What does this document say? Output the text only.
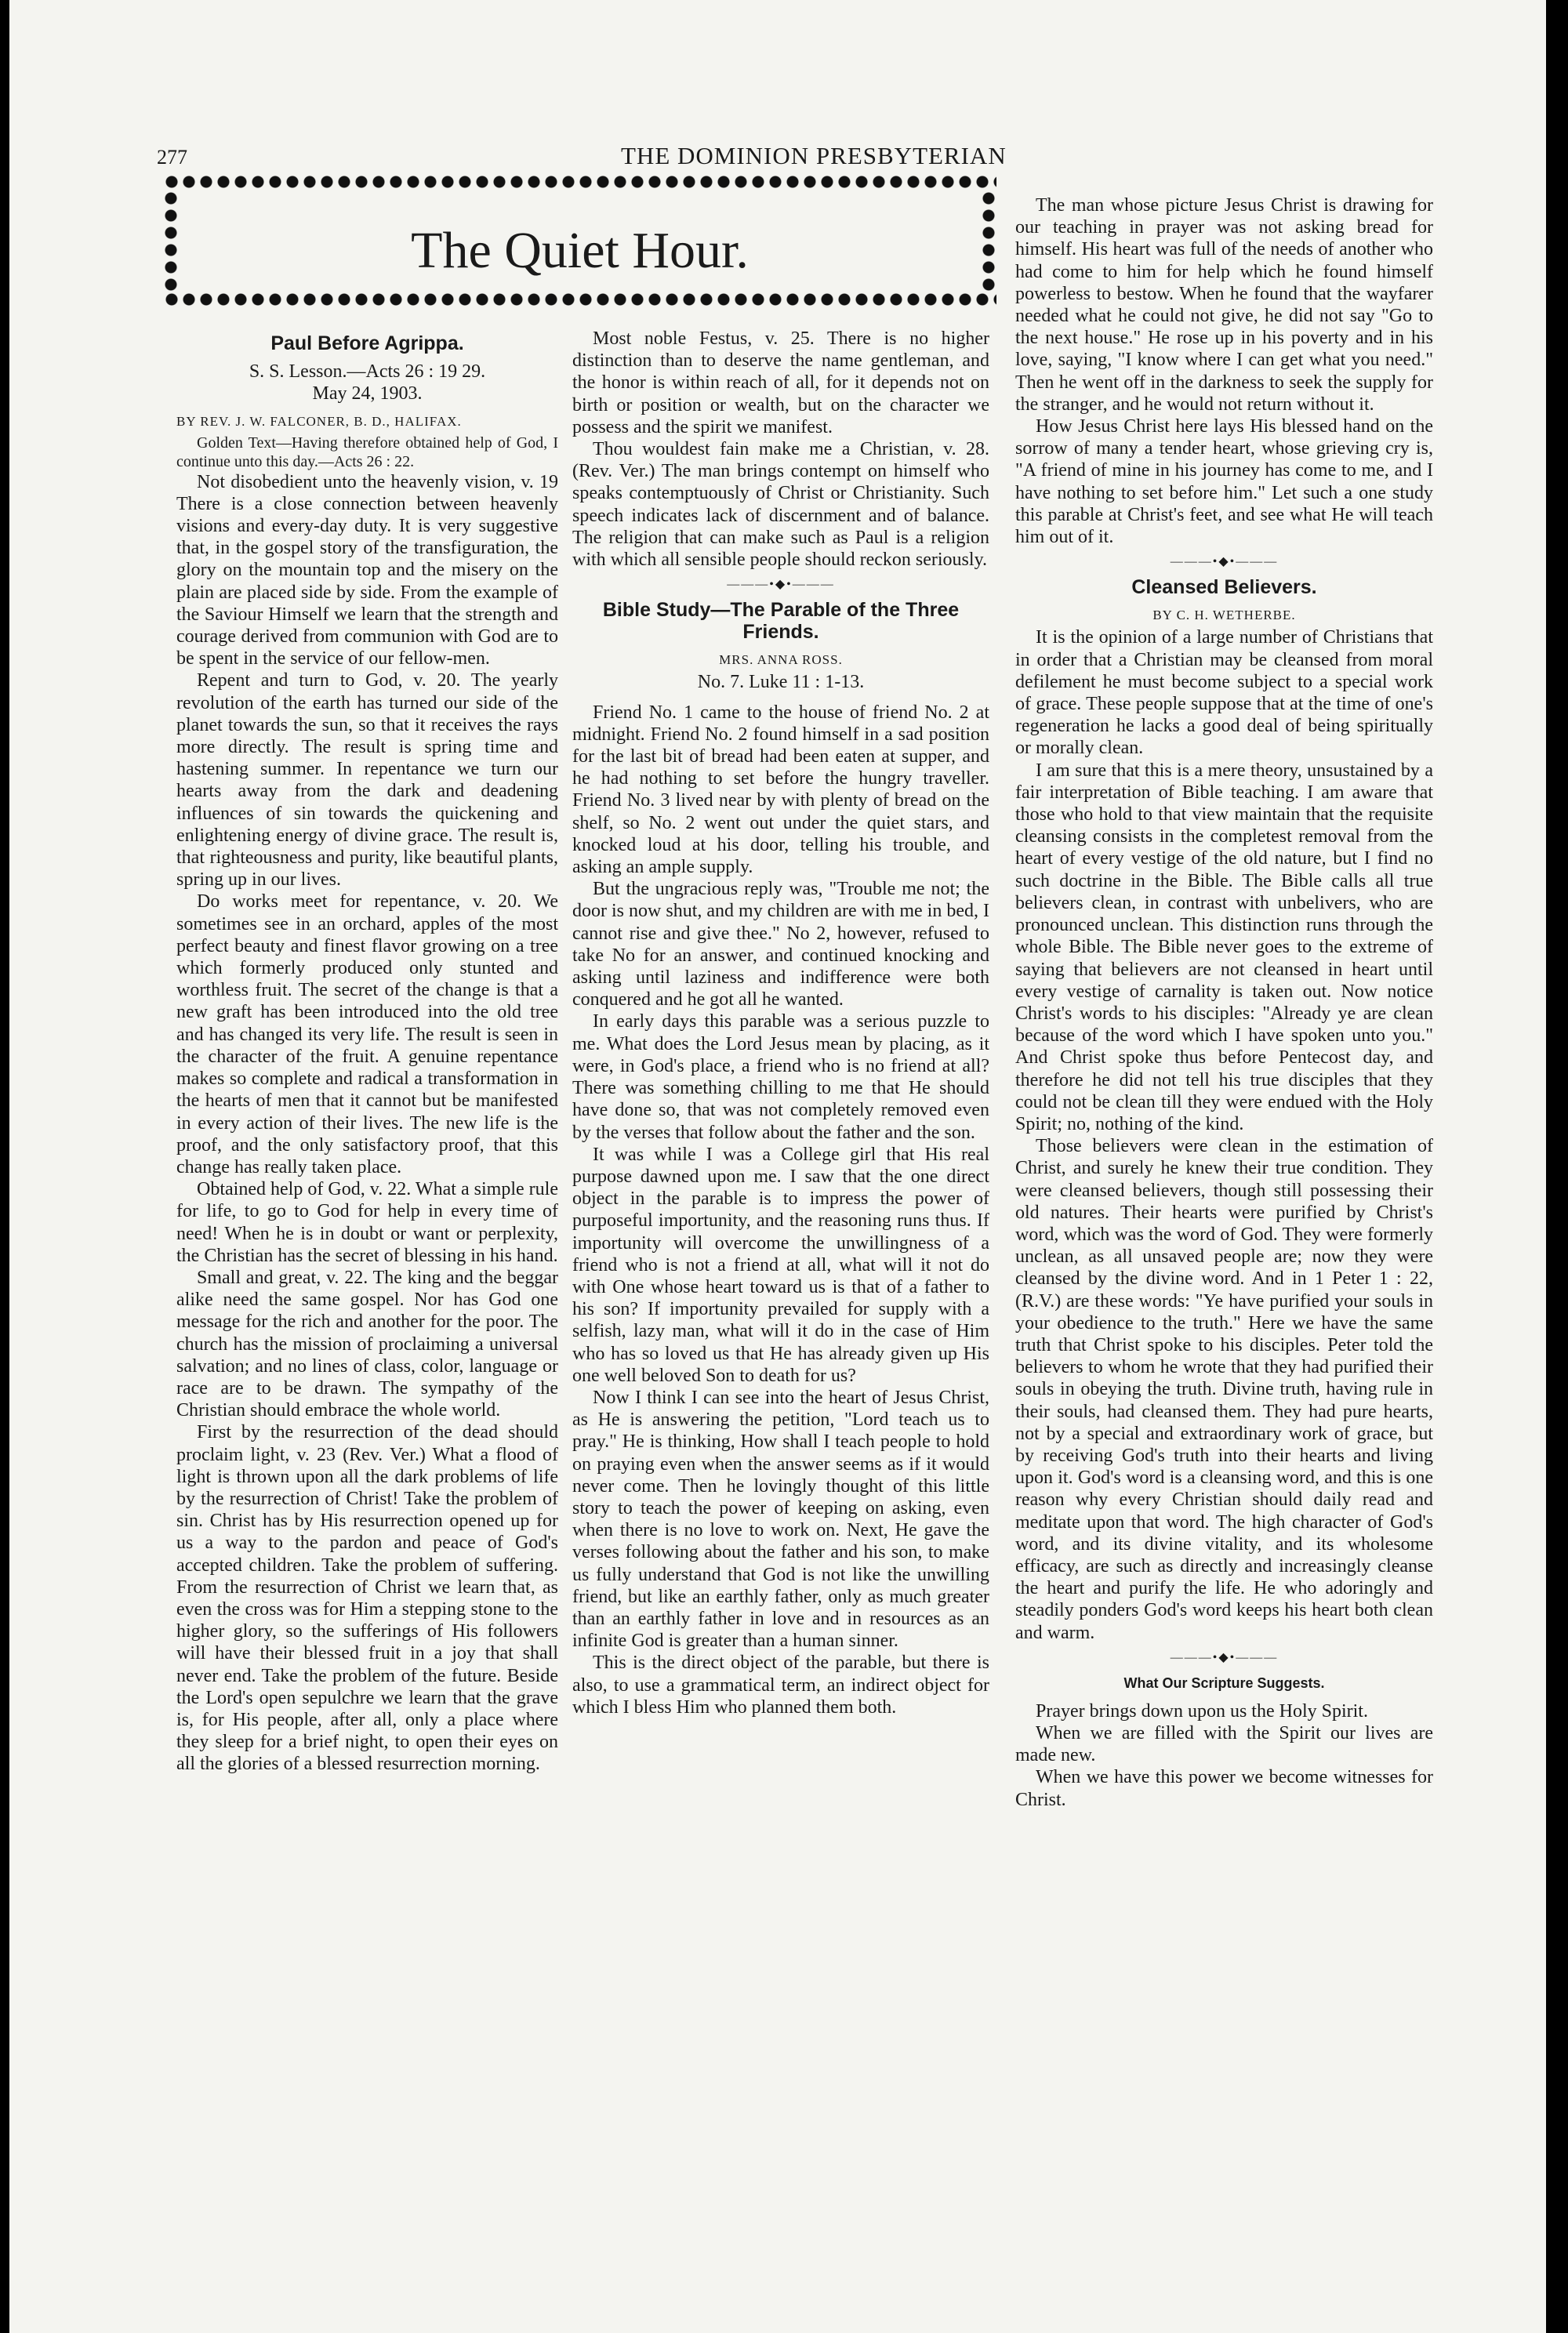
277	THE DOMINION PRESBYTERIAN
The Quiet Hour.
Paul Before Agrippa.

S. S. Lesson.—Acts 26 : 19 29.

May 24, 1903.

BY REV. J. W. FALCONER, B. D., HALIFAX.

Golden Text—Having therefore obtained help of God, I continue unto this day.—Acts 26 : 22.

Not disobedient unto the heavenly vision, v. 19 There is a close connection between heavenly visions and every-day duty. It is very suggestive that, in the gospel story of the transfiguration, the glory on the mountain top and the misery on the plain are placed side by side. From the example of the Saviour Himself we learn that the strength and courage derived from communion with God are to be spent in the service of our fellow-men.

Repent and turn to God, v. 20. The yearly revolution of the earth has turned our side of the planet towards the sun, so that it receives the rays more directly. The result is spring time and hastening summer. In repentance we turn our hearts away from the dark and deadening influences of sin towards the quickening and enlightening energy of divine grace. The result is, that righteousness and purity, like beautiful plants, spring up in our lives.

Do works meet for repentance, v. 20. We sometimes see in an orchard, apples of the most perfect beauty and finest flavor growing on a tree which formerly produced only stunted and worthless fruit. The secret of the change is that a new graft has been introduced into the old tree and has changed its very life. The result is seen in the character of the fruit. A genuine repentance makes so complete and radical a transformation in the hearts of men that it cannot but be manifested in every action of their lives. The new life is the proof, and the only satisfactory proof, that this change has really taken place.

Obtained help of God, v. 22. What a simple rule for life, to go to God for help in every time of need! When he is in doubt or want or perplexity, the Christian has the secret of blessing in his hand.

Small and great, v. 22. The king and the beggar alike need the same gospel. Nor has God one message for the rich and another for the poor. The church has the mission of proclaiming a universal salvation; and no lines of class, color, language or race are to be drawn. The sympathy of the Christian should embrace the whole world.

First by the resurrection of the dead should proclaim light, v. 23 (Rev. Ver.) What a flood of light is thrown upon all the dark problems of life by the resurrection of Christ! Take the problem of sin. Christ has by His resurrection opened up for us a way to the pardon and peace of God's accepted children. Take the problem of suffering. From the resurrection of Christ we learn that, as even the cross was for Him a stepping stone to the higher glory, so the sufferings of His followers will have their blessed fruit in a joy that shall never end. Take the problem of the future. Beside the Lord's open sepulchre we learn that the grave is, for His people, after all, only a place where they sleep for a brief night, to open their eyes on all the glories of a blessed resurrection morning.

Most noble Festus, v. 25. There is no higher distinction than to deserve the name gentleman, and the honor is within reach of all, for it depends not on birth or position or wealth, but on the character we possess and the spirit we manifest.

Thou wouldest fain make me a Christian, v. 28. (Rev. Ver.) The man brings contempt on himself who speaks contemptuously of Christ or Christianity. Such speech indicates lack of discernment and of balance. The religion that can make such as Paul is a religion with which all sensible people should reckon seriously.

———•◆•———
Bible Study—The Parable of the Three Friends.

MRS. ANNA ROSS.

No. 7. Luke 11 : 1-13.

Friend No. 1 came to the house of friend No. 2 at midnight. Friend No. 2 found himself in a sad position for the last bit of bread had been eaten at supper, and he had nothing to set before the hungry traveller. Friend No. 3 lived near by with plenty of bread on the shelf, so No. 2 went out under the quiet stars, and knocked loud at his door, telling his trouble, and asking an ample supply.

But the ungracious reply was, "Trouble me not; the door is now shut, and my children are with me in bed, I cannot rise and give thee." No 2, however, refused to take No for an answer, and continued knocking and asking until laziness and indifference were both conquered and he got all he wanted.

In early days this parable was a serious puzzle to me. What does the Lord Jesus mean by placing, as it were, in God's place, a friend who is no friend at all? There was something chilling to me that He should have done so, that was not completely removed even by the verses that follow about the father and the son.

It was while I was a College girl that His real purpose dawned upon me. I saw that the one direct object in the parable is to impress the power of purposeful importunity, and the reasoning runs thus. If importunity will overcome the unwillingness of a friend who is not a friend at all, what will it not do with One whose heart toward us is that of a father to his son? If importunity prevailed for supply with a selfish, lazy man, what will it do in the case of Him who has so loved us that He has already given up His one well beloved Son to death for us?

Now I think I can see into the heart of Jesus Christ, as He is answering the petition, "Lord teach us to pray." He is thinking, How shall I teach people to hold on praying even when the answer seems as if it would never come. Then he lovingly thought of this little story to teach the power of keeping on asking, even when there is no love to work on. Next, He gave the verses following about the father and his son, to make us fully understand that God is not like the unwilling friend, but like an earthly father, only as much greater than an earthly father in love and in resources as an infinite God is greater than a human sinner.

This is the direct object of the parable, but there is also, to use a grammatical term, an indirect object for which I bless Him who planned them both.

The man whose picture Jesus Christ is drawing for our teaching in prayer was not asking bread for himself. His heart was full of the needs of another who had come to him for help which he found himself powerless to bestow. When he found that the wayfarer needed what he could not give, he did not say "Go to the next house." He rose up in his poverty and in his love, saying, "I know where I can get what you need." Then he went off in the darkness to seek the supply for the stranger, and he would not return without it.

How Jesus Christ here lays His blessed hand on the sorrow of many a tender heart, whose grieving cry is, "A friend of mine in his journey has come to me, and I have nothing to set before him." Let such a one study this parable at Christ's feet, and see what He will teach him out of it.

———•◆•———
Cleansed Believers.

BY C. H. WETHERBE.

It is the opinion of a large number of Christians that in order that a Christian may be cleansed from moral defilement he must become subject to a special work of grace. These people suppose that at the time of one's regeneration he lacks a good deal of being spiritually or morally clean.

I am sure that this is a mere theory, unsustained by a fair interpretation of Bible teaching. I am aware that those who hold to that view maintain that the requisite cleansing consists in the completest removal from the heart of every vestige of the old nature, but I find no such doctrine in the Bible. The Bible calls all true believers clean, in contrast with unbelivers, who are pronounced unclean. This distinction runs through the whole Bible. The Bible never goes to the extreme of saying that believers are not cleansed in heart until every vestige of carnality is taken out. Now notice Christ's words to his disciples: "Already ye are clean because of the word which I have spoken unto you." And Christ spoke thus before Pentecost day, and therefore he did not tell his true disciples that they could not be clean till they were endued with the Holy Spirit; no, nothing of the kind.

Those believers were clean in the estimation of Christ, and surely he knew their true condition. They were cleansed believers, though still possessing their old natures. Their hearts were purified by Christ's word, which was the word of God. They were formerly unclean, as all unsaved people are; now they were cleansed by the divine word. And in 1 Peter 1 : 22, (R.V.) are these words: "Ye have purified your souls in your obedience to the truth." Here we have the same truth that Christ spoke to his disciples. Peter told the believers to whom he wrote that they had purified their souls in obeying the truth. Divine truth, having rule in their souls, had cleansed them. They had pure hearts, not by a special and extraordinary work of grace, but by receiving God's truth into their hearts and living upon it. God's word is a cleansing word, and this is one reason why every Christian should daily read and meditate upon that word. The high character of God's word, and its divine vitality, and its wholesome efficacy, are such as directly and increasingly cleanse the heart and purify the life. He who adoringly and steadily ponders God's word keeps his heart both clean and warm.

———•◆•———
What Our Scripture Suggests.

Prayer brings down upon us the Holy Spirit.

When we are filled with the Spirit our lives are made new.

When we have this power we become witnesses for Christ.
